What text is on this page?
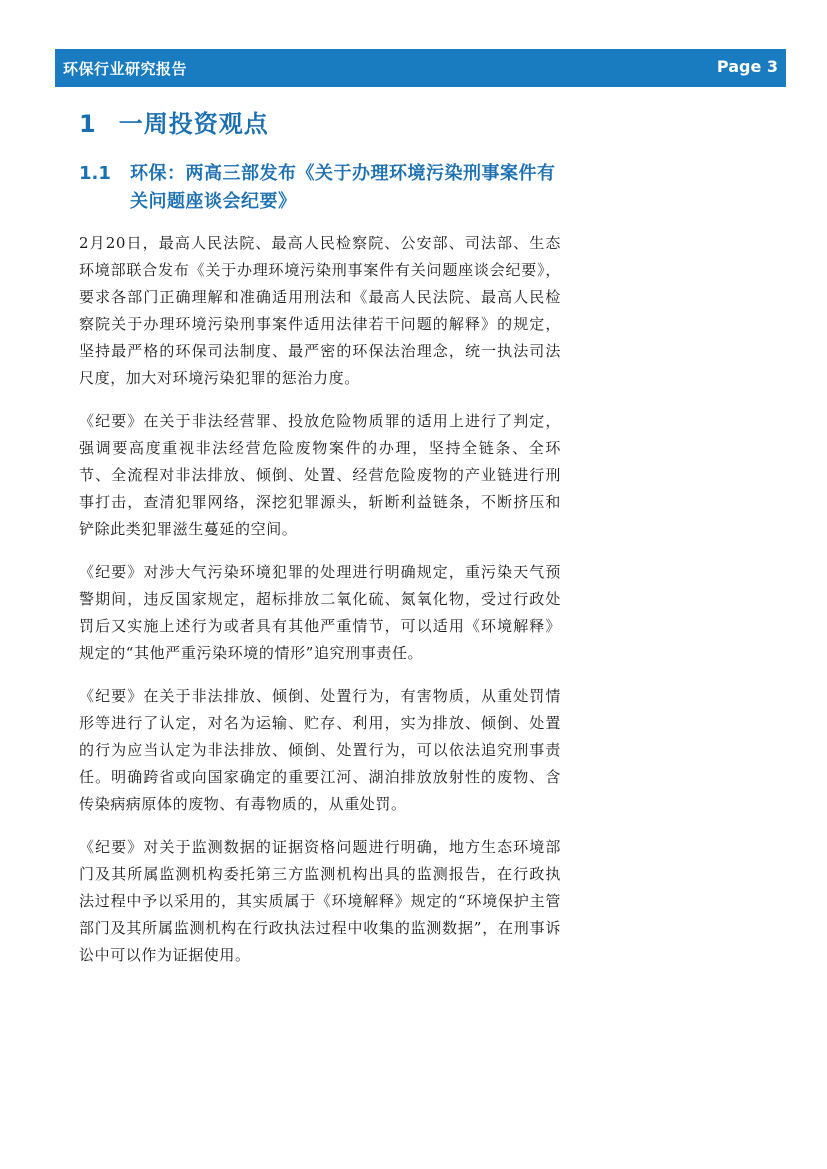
环保行业研究报告	Page 3
1 一周投资观点
1.1 环保：两高三部发布《关于办理环境污染刑事案件有关问题座谈会纪要》

2月20日，最高人民法院、最高人民检察院、公安部、司法部、生态环境部联合发布《关于办理环境污染刑事案件有关问题座谈会纪要》，要求各部门正确理解和准确适用刑法和《最高人民法院、最高人民检察院关于办理环境污染刑事案件适用法律若干问题的解释》的规定，坚持最严格的环保司法制度、最严密的环保法治理念，统一执法司法尺度，加大对环境污染犯罪的惩治力度。

《纪要》在关于非法经营罪、投放危险物质罪的适用上进行了判定，强调要高度重视非法经营危险废物案件的办理，坚持全链条、全环节、全流程对非法排放、倾倒、处置、经营危险废物的产业链进行刑事打击，查清犯罪网络，深挖犯罪源头，斩断利益链条，不断挤压和铲除此类犯罪滋生蔓延的空间。

《纪要》对涉大气污染环境犯罪的处理进行明确规定，重污染天气预警期间，违反国家规定，超标排放二氧化硫、氮氧化物，受过行政处罚后又实施上述行为或者具有其他严重情节，可以适用《环境解释》规定的“其他严重污染环境的情形”追究刑事责任。

《纪要》在关于非法排放、倾倒、处置行为，有害物质，从重处罚情形等进行了认定，对名为运输、贮存、利用，实为排放、倾倒、处置的行为应当认定为非法排放、倾倒、处置行为，可以依法追究刑事责任。明确跨省或向国家确定的重要江河、湖泊排放放射性的废物、含传染病病原体的废物、有毒物质的，从重处罚。

《纪要》对关于监测数据的证据资格问题进行明确，地方生态环境部门及其所属监测机构委托第三方监测机构出具的监测报告，在行政执法过程中予以采用的，其实质属于《环境解释》规定的“环境保护主管部门及其所属监测机构在行政执法过程中收集的监测数据”，在刑事诉讼中可以作为证据使用。
